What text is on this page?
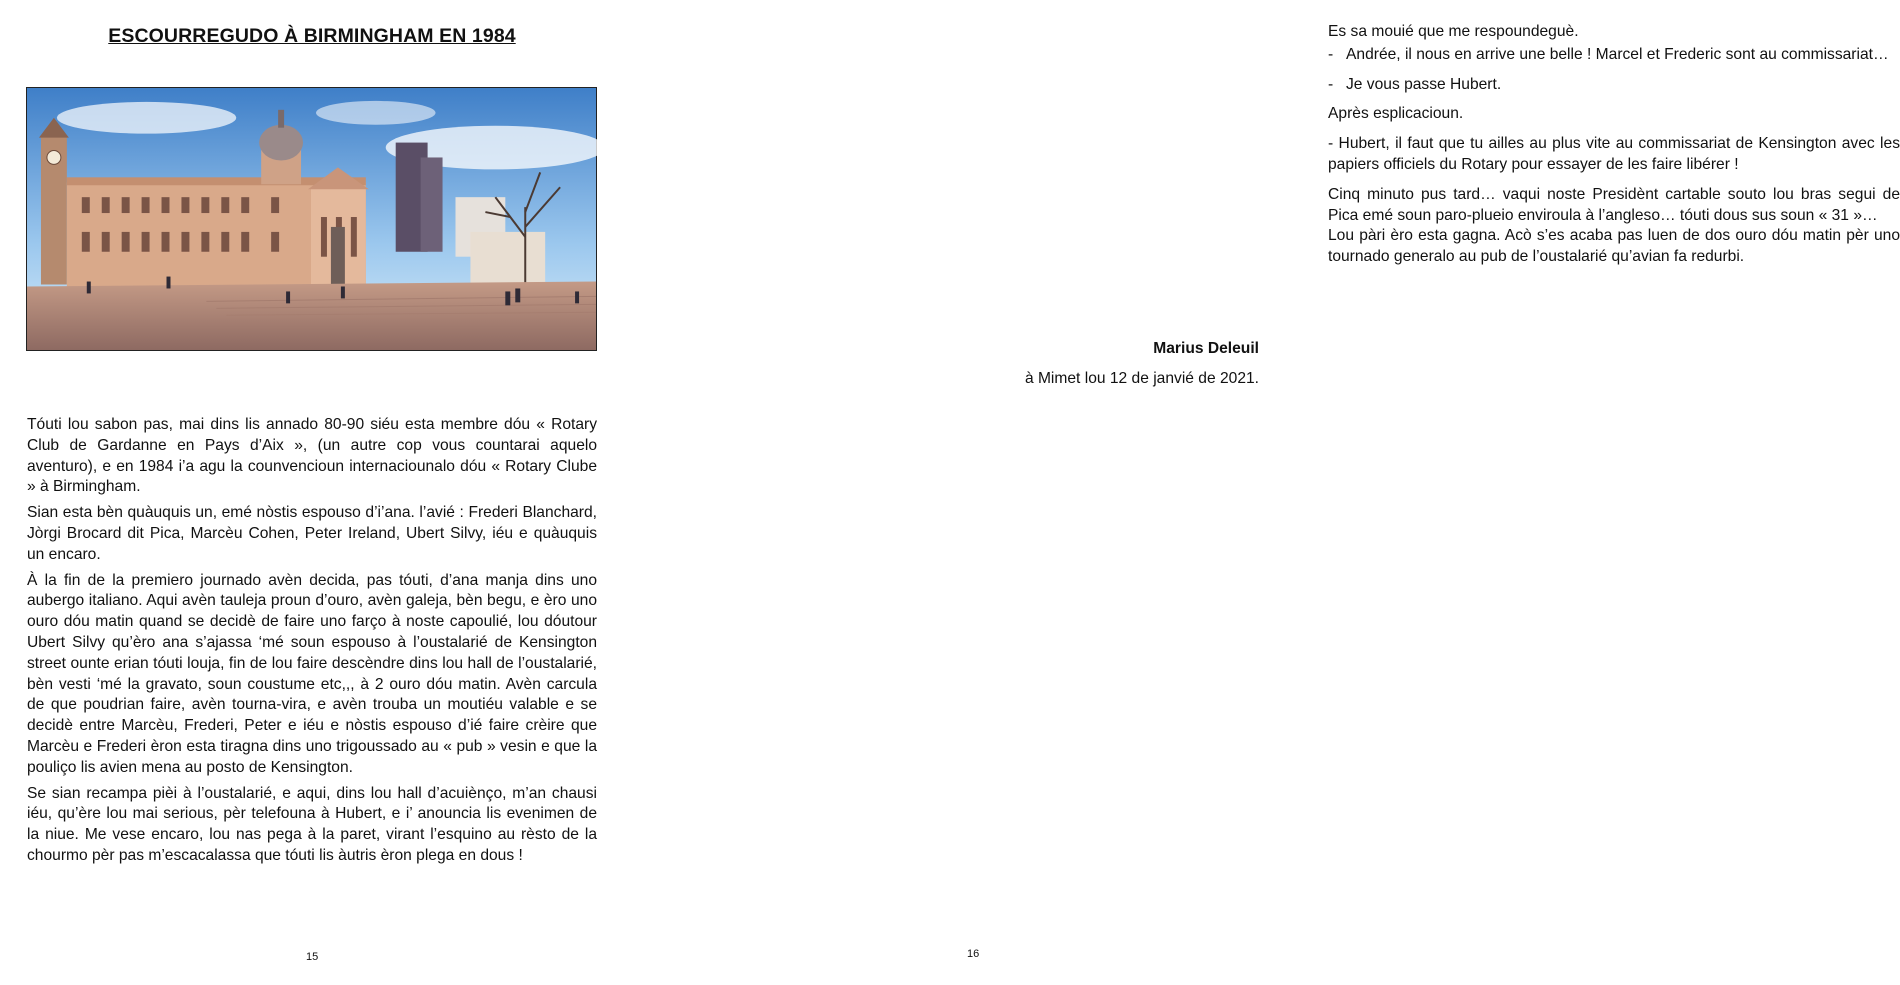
ESCOURREGUDO À BIRMINGHAM EN 1984

Tóuti lou sabon pas, mai dins lis annado 80-90 siéu esta membre dóu « Rotary Club de Gardanne en Pays d’Aix », (un autre cop vous countarai aquelo aventuro), e en 1984 i’a agu la counvencioun internaciounalo dóu « Rotary Clube » à Birmingham.

Sian esta bèn quàuquis un, emé nòstis espouso d’i’ana. l’avié : Frederi Blanchard, Jòrgi Brocard dit Pica, Marcèu Cohen, Peter Ireland, Ubert Silvy, iéu e quàuquis un encaro.

À la fin de la premiero journado avèn decida, pas tóuti, d’ana manja dins uno aubergo italiano. Aqui avèn tauleja proun d’ouro, avèn galeja, bèn begu, e èro uno ouro dóu matin quand se decidè de faire uno farço à noste capoulié, lou dóutour Ubert Silvy qu’èro ana s’ajassa ‘mé soun espouso à l’oustalarié de Kensington street ounte erian tóuti louja, fin de lou faire descèndre dins lou hall de l’oustalarié, bèn vesti ‘mé la gravato, soun coustume etc,,, à 2 ouro dóu matin. Avèn carcula de que poudrian faire, avèn tourna-vira, e avèn trouba un moutiéu valable e se decidè entre Marcèu, Frederi, Peter e iéu e nòstis espouso d’ié faire crèire que Marcèu e Frederi èron esta tiragna dins uno trigoussado au « pub » vesin e que la pouliço lis avien mena au posto de Kensington.

Se sian recampa pièi à l’oustalarié, e aqui, dins lou hall d’acuiènço, m’an chausi iéu, qu’ère lou mai serious, pèr telefouna à Hubert, e i’ anouncia lis evenimen de la niue. Me vese encaro, lou nas pega à la paret, virant l’esquino au rèsto de la chourmo pèr pas m’escacalassa que tóuti lis àutris èron plega en dous !

15

Es sa mouié que me respoundeguè.

- Andrée, il nous en arrive une belle ! Marcel et Frederic sont au commissariat…
- Je vous passe Hubert.

Après esplicacioun.

- Hubert, il faut que tu ailles au plus vite au commissariat de Kensington avec les papiers officiels du Rotary pour essayer de les faire libérer !

Cinq minuto pus tard… vaqui noste Presidènt cartable souto lou bras segui de Pica emé soun paro-plueio enviroula à l’angleso… tóuti dous sus soun « 31 »…

Lou pàri èro esta gagna. Acò s’es acaba pas luen de dos ouro dóu matin pèr uno tournado generalo au pub de l’oustalarié qu’avian fa redurbi.

Marius Deleuil
à Mimet lou 12 de janvié de 2021.
16
